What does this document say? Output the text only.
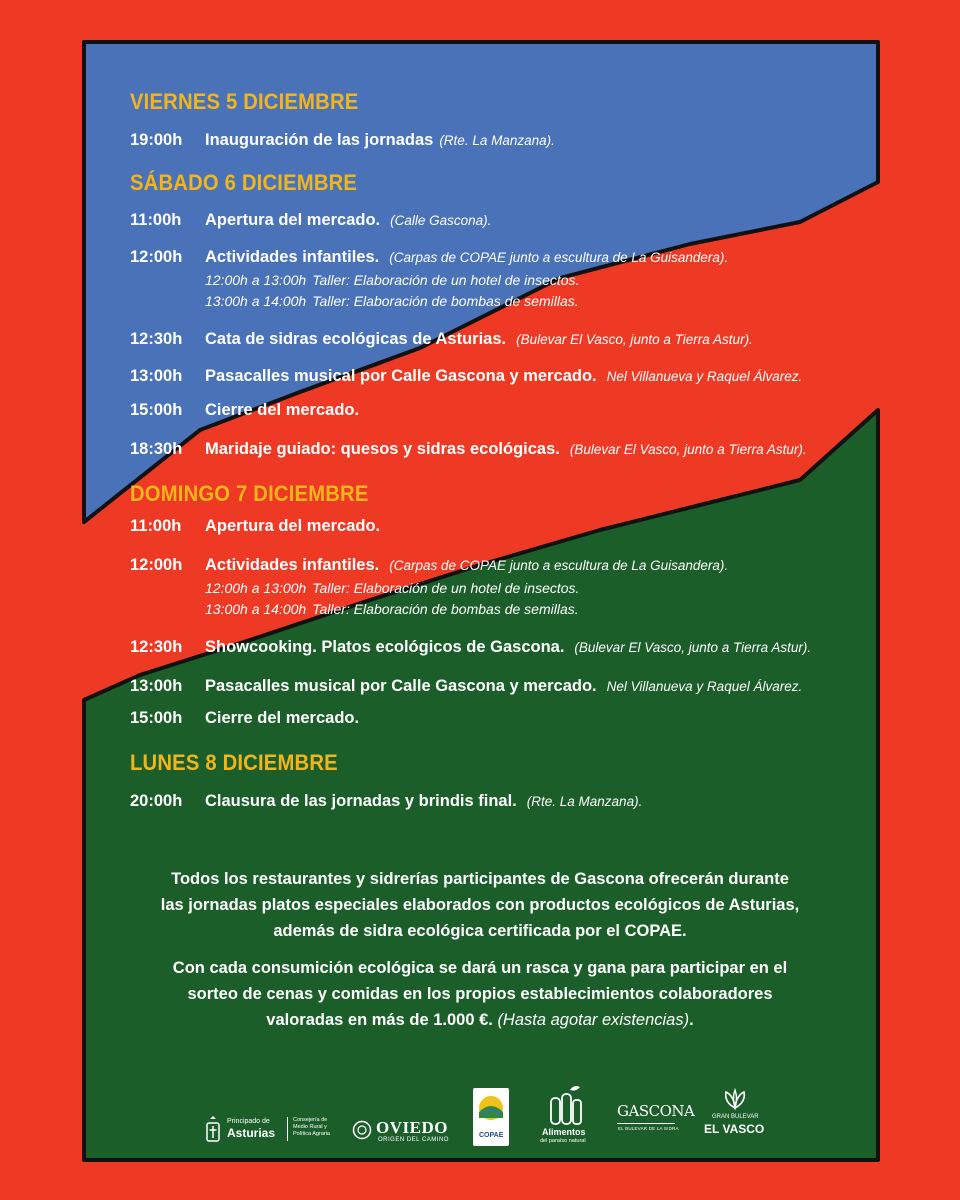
VIERNES 5 DICIEMBRE
19:00h Inauguración de las jornadas (Rte. La Manzana).
SÁBADO 6 DICIEMBRE
11:00h Apertura del mercado. (Calle Gascona).
12:00h Actividades infantiles. (Carpas de COPAE junto a escultura de La Guisandera).
12:00h a 13:00h Taller: Elaboración de un hotel de insectos.
13:00h a 14:00h Taller: Elaboración de bombas de semillas.
12:30h Cata de sidras ecológicas de Asturias. (Bulevar El Vasco, junto a Tierra Astur).
13:00h Pasacalles musical por Calle Gascona y mercado. Nel Villanueva y Raquel Álvarez.
15:00h Cierre del mercado.
18:30h Maridaje guiado: quesos y sidras ecológicas. (Bulevar El Vasco, junto a Tierra Astur).
DOMINGO 7 DICIEMBRE
11:00h Apertura del mercado.
12:00h Actividades infantiles. (Carpas de COPAE junto a escultura de La Guisandera).
12:00h a 13:00h Taller: Elaboración de un hotel de insectos.
13:00h a 14:00h Taller: Elaboración de bombas de semillas.
12:30h Showcooking. Platos ecológicos de Gascona. (Bulevar El Vasco, junto a Tierra Astur).
13:00h Pasacalles musical por Calle Gascona y mercado. Nel Villanueva y Raquel Álvarez.
15:00h Cierre del mercado.
LUNES 8 DICIEMBRE
20:00h Clausura de las jornadas y brindis final. (Rte. La Manzana).
Todos los restaurantes y sidrerías participantes de Gascona ofrecerán durante
las jornadas platos especiales elaborados con productos ecológicos de Asturias,
además de sidra ecológica certificada por el COPAE.
Con cada consumición ecológica se dará un rasca y gana para participar en el
sorteo de cenas y comidas en los propios establecimientos colaboradores
valoradas en más de 1.000 €. (Hasta agotar existencias).
Principado de
Asturias
Consejería de
Medio Rural y
Política Agraria	OVIEDO
ORIGEN DEL CAMINO
COPAE	Alimentos
del paraíso natural
GASCONA
EL BULEVAR DE LA SIDRA
GRAN BULEVAR
EL VASCO
